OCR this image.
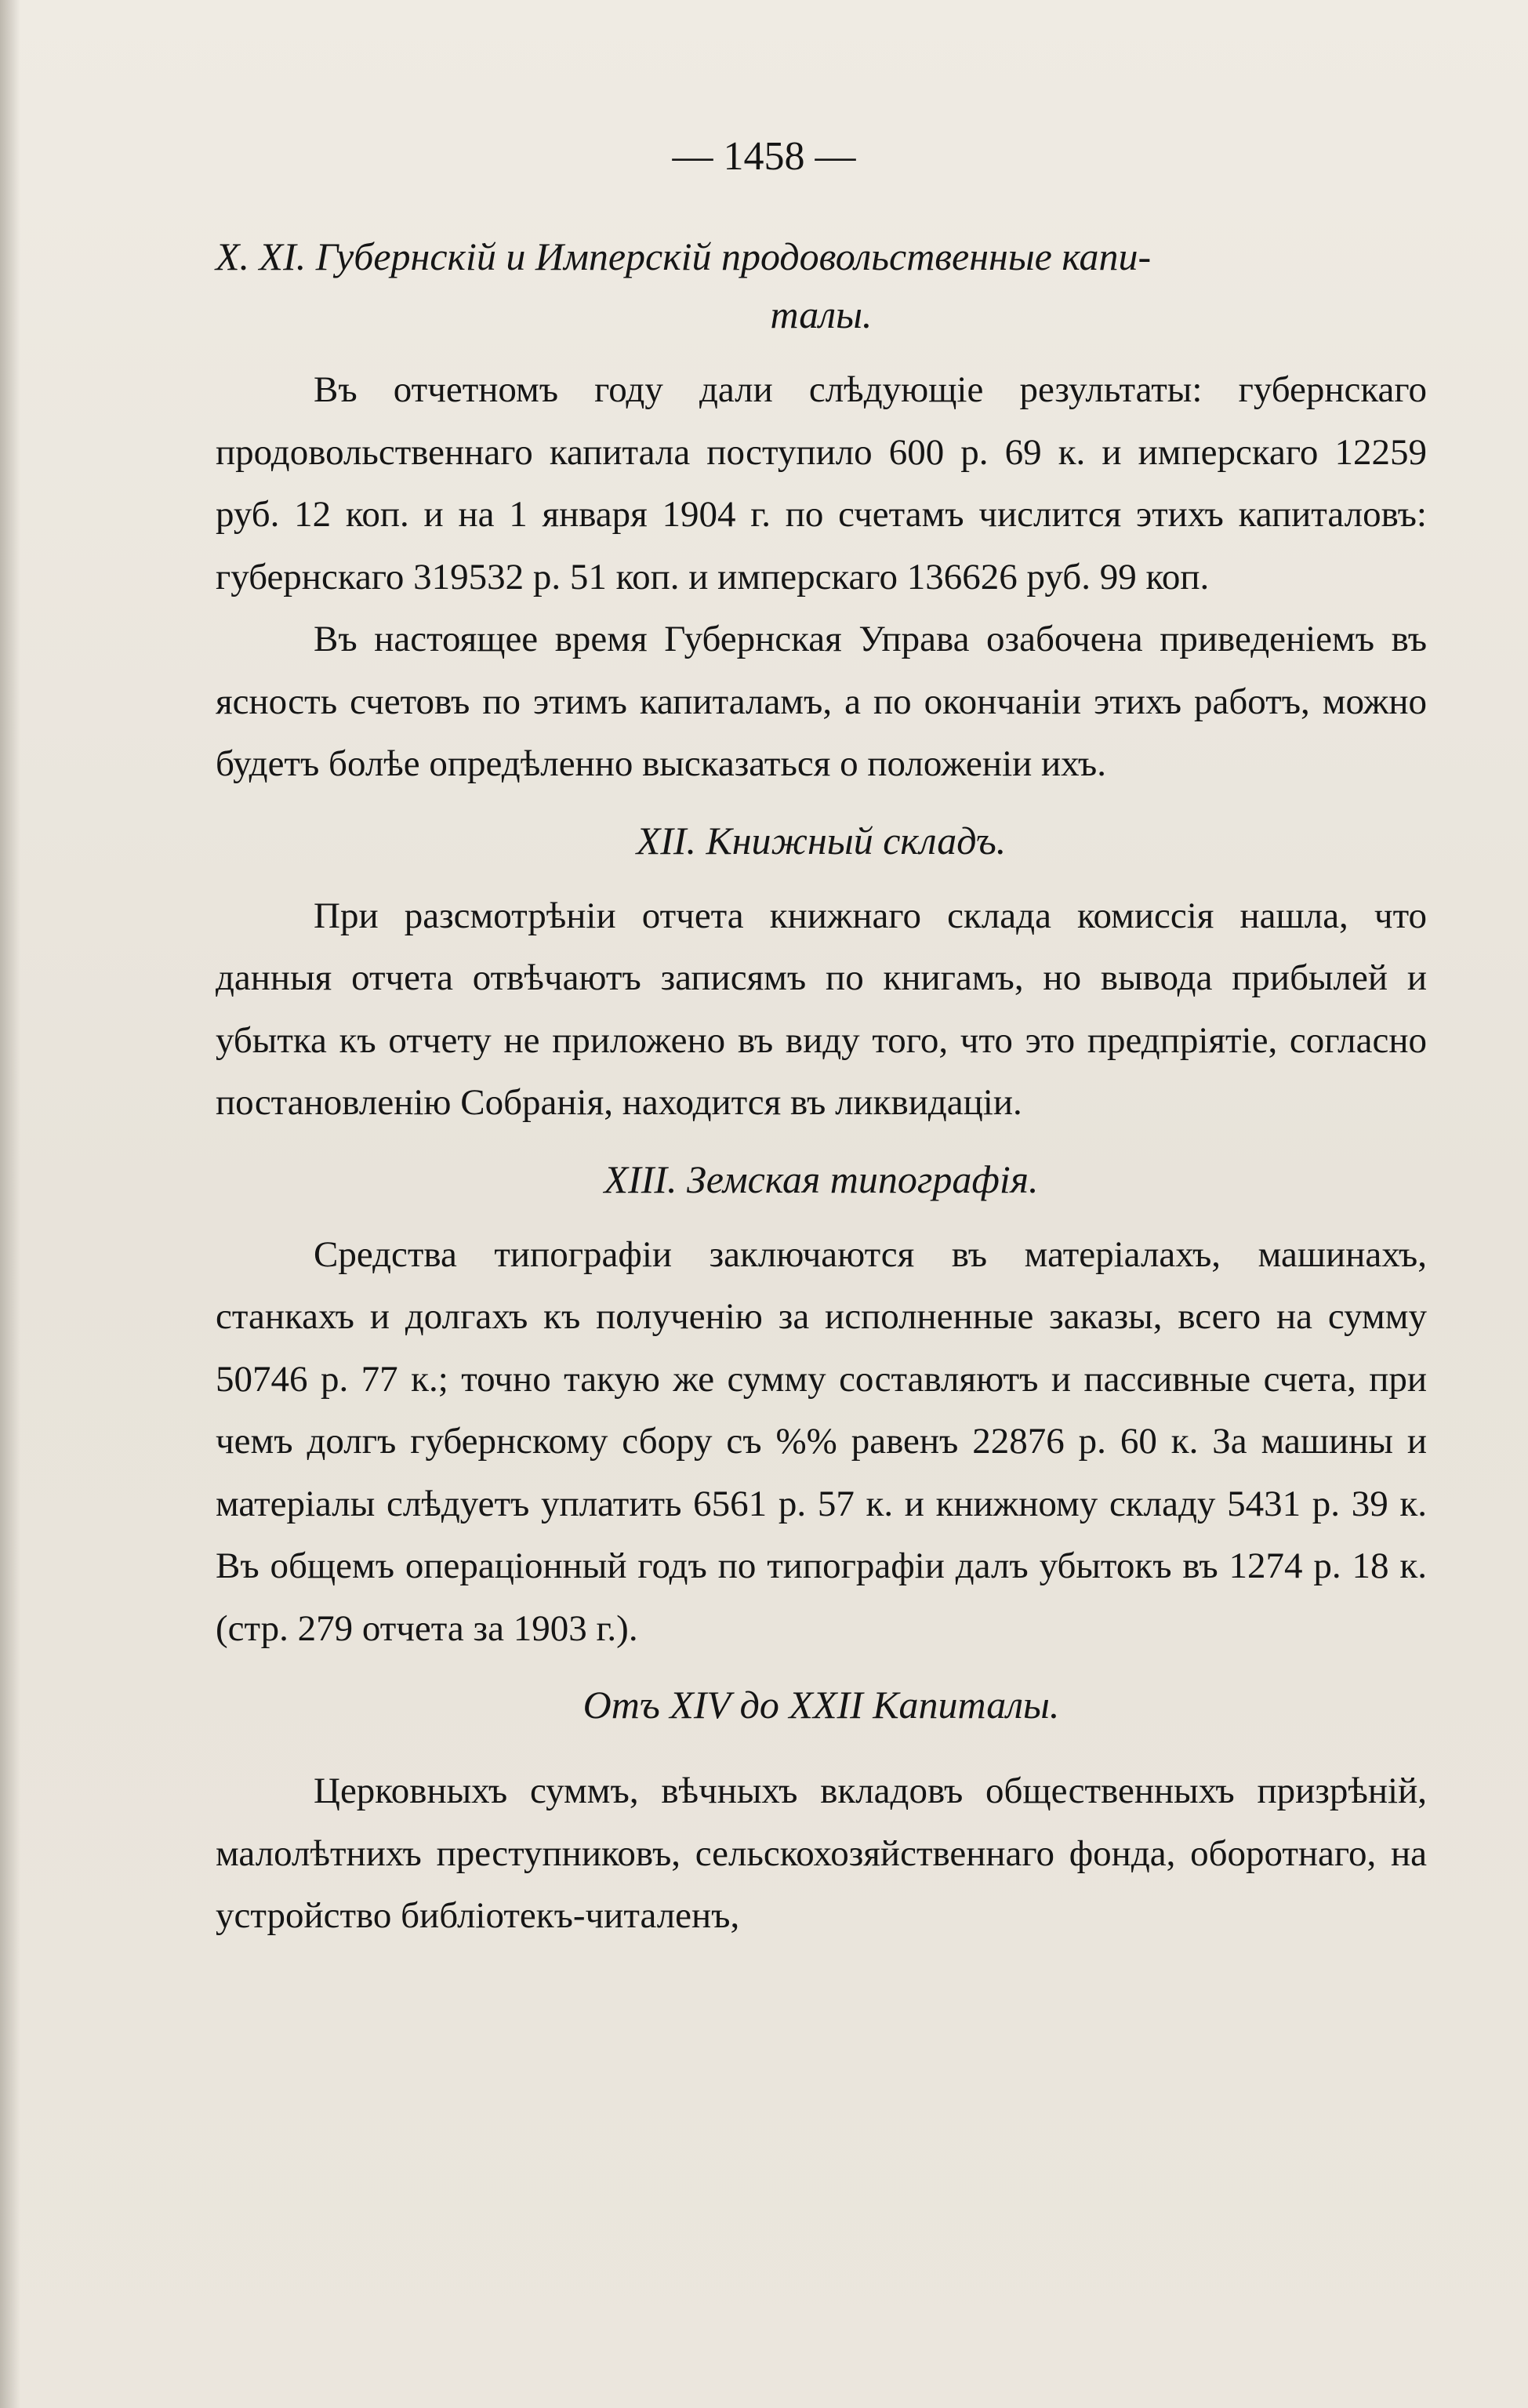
— 1458 —

X. XI. Губернскій и Имперскій продовольственные капи-
талы.

Въ отчетномъ году дали слѣдующіе результаты: губернскаго продовольственнаго капитала поступило 600 р. 69 к. и имперскаго 12259 руб. 12 коп. и на 1 января 1904 г. по счетамъ числится этихъ капиталовъ: губернскаго 319532 р. 51 коп. и имперскаго 136626 руб. 99 коп.

Въ настоящее время Губернская Управа озабочена приведеніемъ въ ясность счетовъ по этимъ капиталамъ, а по окончаніи этихъ работъ, можно будетъ болѣе опредѣленно высказаться о положеніи ихъ.

XII. Книжный складъ.

При разсмотрѣніи отчета книжнаго склада комиссія нашла, что данныя отчета отвѣчаютъ записямъ по книгамъ, но вывода прибылей и убытка къ отчету не приложено въ виду того, что это предпріятіе, согласно постановленію Собранія, находится въ ликвидаціи.

XIII. Земская типографія.

Средства типографіи заключаются въ матеріалахъ, машинахъ, станкахъ и долгахъ къ полученію за исполненные заказы, всего на сумму 50746 р. 77 к.; точно такую же сумму составляютъ и пассивные счета, при чемъ долгъ губернскому сбору съ %% равенъ 22876 р. 60 к. За машины и матеріалы слѣдуетъ уплатить 6561 р. 57 к. и книжному складу 5431 р. 39 к. Въ общемъ операціонный годъ по типографіи далъ убытокъ въ 1274 р. 18 к. (стр. 279 отчета за 1903 г.).

Отъ XIV до XXII Капиталы.

Церковныхъ суммъ, вѣчныхъ вкладовъ общественныхъ призрѣній, малолѣтнихъ преступниковъ, сельскохозяйственнаго фонда, оборотнаго, на устройство библіотекъ-читаленъ,
